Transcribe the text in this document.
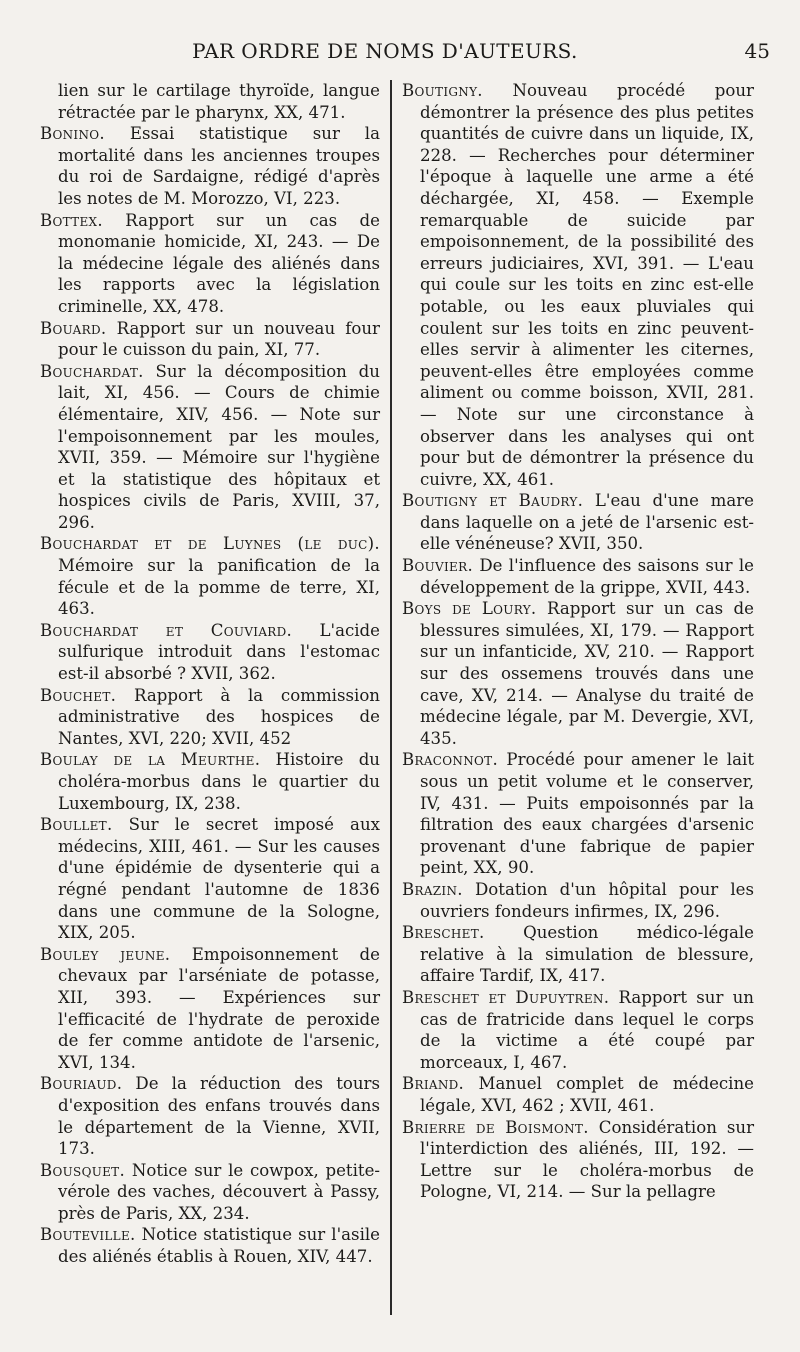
PAR ORDRE DE NOMS D'AUTEURS.	45

lien sur le cartilage thyroïde, langue rétractée par le pharynx, XX, 471.

Bonino. Essai statistique sur la mortalité dans les anciennes troupes du roi de Sardaigne, rédigé d'après les notes de M. Morozzo, VI, 223.

Bottex. Rapport sur un cas de monomanie homicide, XI, 243. — De la médecine légale des aliénés dans les rapports avec la législation criminelle, XX, 478.

Bouard. Rapport sur un nouveau four pour le cuisson du pain, XI, 77.

Bouchardat. Sur la décomposition du lait, XI, 456. — Cours de chimie élémentaire, XIV, 456. — Note sur l'empoisonnement par les moules, XVII, 359. — Mémoire sur l'hygiène et la statistique des hôpitaux et hospices civils de Paris, XVIII, 37, 296.

Bouchardat et de Luynes (le duc). Mémoire sur la panification de la fécule et de la pomme de terre, XI, 463.

Bouchardat et Couviard. L'acide sulfurique introduit dans l'estomac est-il absorbé ? XVII, 362.

Bouchet. Rapport à la commission administrative des hospices de Nantes, XVI, 220; XVII, 452

Boulay de la Meurthe. Histoire du choléra-morbus dans le quartier du Luxembourg, IX, 238.

Boullet. Sur le secret imposé aux médecins, XIII, 461. — Sur les causes d'une épidémie de dysenterie qui a régné pendant l'automne de 1836 dans une commune de la Sologne, XIX, 205.

Bouley jeune. Empoisonnement de chevaux par l'arséniate de potasse, XII, 393. — Expériences sur l'efficacité de l'hydrate de peroxide de fer comme antidote de l'arsenic, XVI, 134.

Bouriaud. De la réduction des tours d'exposition des enfans trouvés dans le département de la Vienne, XVII, 173.

Bousquet. Notice sur le cowpox, petite-vérole des vaches, découvert à Passy, près de Paris, XX, 234.

Bouteville. Notice statistique sur l'asile des aliénés établis à Rouen, XIV, 447.

Boutigny. Nouveau procédé pour démontrer la présence des plus petites quantités de cuivre dans un liquide, IX, 228. — Recherches pour déterminer l'époque à laquelle une arme a été déchargée, XI, 458. — Exemple remarquable de suicide par empoisonnement, de la possibilité des erreurs judiciaires, XVI, 391. — L'eau qui coule sur les toits en zinc est-elle potable, ou les eaux pluviales qui coulent sur les toits en zinc peuvent-elles servir à alimenter les citernes, peuvent-elles être employées comme aliment ou comme boisson, XVII, 281. — Note sur une circonstance à observer dans les analyses qui ont pour but de démontrer la présence du cuivre, XX, 461.

Boutigny et Baudry. L'eau d'une mare dans laquelle on a jeté de l'arsenic est-elle vénéneuse? XVII, 350.

Bouvier. De l'influence des saisons sur le développement de la grippe, XVII, 443.

Boys de Loury. Rapport sur un cas de blessures simulées, XI, 179. — Rapport sur un infanticide, XV, 210. — Rapport sur des ossemens trouvés dans une cave, XV, 214. — Analyse du traité de médecine légale, par M. Devergie, XVI, 435.

Braconnot. Procédé pour amener le lait sous un petit volume et le conserver, IV, 431. — Puits empoisonnés par la filtration des eaux chargées d'arsenic provenant d'une fabrique de papier peint, XX, 90.

Brazin. Dotation d'un hôpital pour les ouvriers fondeurs infirmes, IX, 296.

Breschet. Question médico-légale relative à la simulation de blessure, affaire Tardif, IX, 417.

Breschet et Dupuytren. Rapport sur un cas de fratricide dans lequel le corps de la victime a été coupé par morceaux, I, 467.

Briand. Manuel complet de médecine légale, XVI, 462 ; XVII, 461.

Brierre de Boismont. Considération sur l'interdiction des aliénés, III, 192. — Lettre sur le choléra-morbus de Pologne, VI, 214. — Sur la pellagre
